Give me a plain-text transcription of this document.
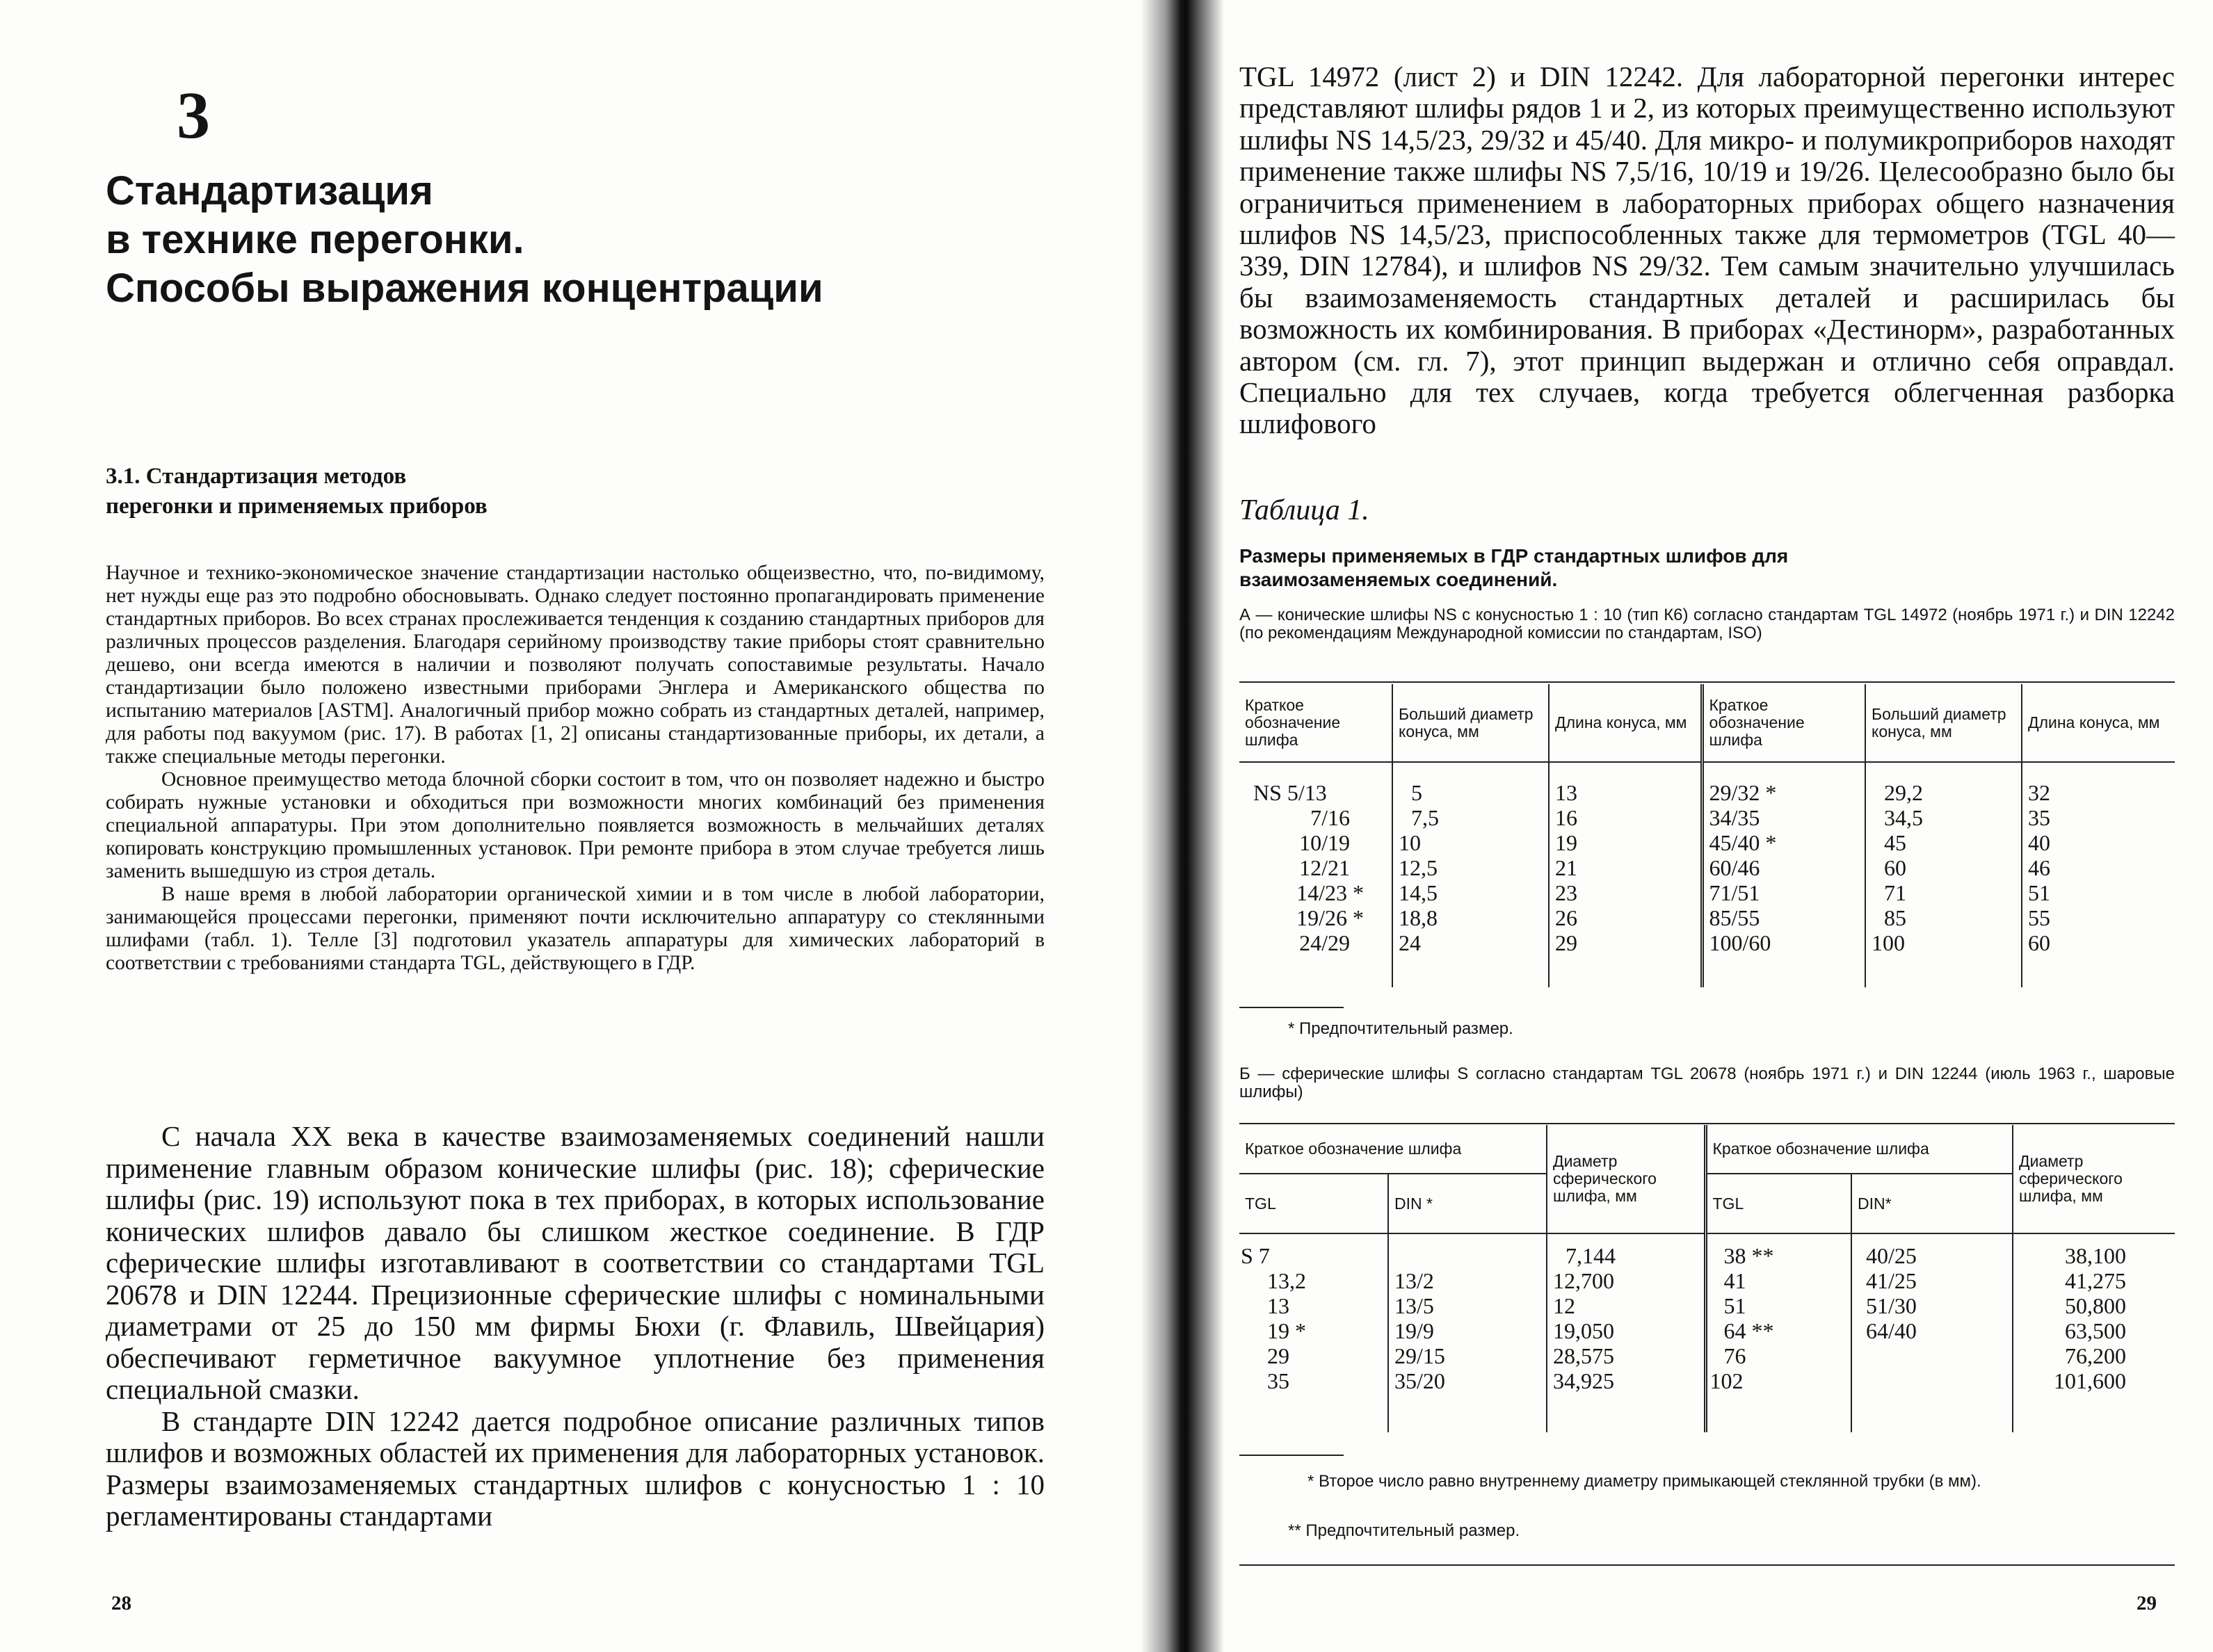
3
Стандартизация
в технике перегонки.
Способы выражения концентрации
3.1. Стандартизация методов
перегонки и применяемых приборов

Научное и технико-экономическое значение стандартизации настолько общеизвестно, что, по-видимому, нет нужды еще раз это подробно обосновывать. Однако следует постоянно пропагандировать применение стандартных приборов. Во всех странах прослеживается тенденция к созданию стандартных приборов для различных процессов разделения. Благодаря серийному производству такие приборы стоят сравнительно дешево, они всегда имеются в наличии и позволяют получать сопоставимые результаты. Начало стандартизации было положено известными приборами Энглера и Американского общества по испытанию материалов [ASTM]. Аналогичный прибор можно собрать из стандартных деталей, например, для работы под вакуумом (рис. 17). В работах [1, 2] описаны стандартизованные приборы, их детали, а также специальные методы перегонки.

Основное преимущество метода блочной сборки состоит в том, что он позволяет надежно и быстро собирать нужные установки и обходиться при возможности многих комбинаций без применения специальной аппаратуры. При этом дополнительно появляется возможность в мельчайших деталях копировать конструкцию промышленных установок. При ремонте прибора в этом случае требуется лишь заменить вышедшую из строя деталь.

В наше время в любой лаборатории органической химии и в том числе в любой лаборатории, занимающейся процессами перегонки, применяют почти исключительно аппаратуру со стеклянными шлифами (табл. 1). Телле [3] подготовил указатель аппаратуры для химических лабораторий в соответствии с требованиями стандарта TGL, действующего в ГДР.

С начала XX века в качестве взаимозаменяемых соединений нашли применение главным образом конические шлифы (рис. 18); сферические шлифы (рис. 19) используют пока в тех приборах, в которых использование конических шлифов давало бы слишком жесткое соединение. В ГДР сферические шлифы изготавливают в соответствии со стандартами TGL 20678 и DIN 12244. Прецизионные сферические шлифы с номинальными диаметрами от 25 до 150 мм фирмы Бюхи (г. Флавиль, Швейцария) обеспечивают герметичное вакуумное уплотнение без применения специальной смазки.

В стандарте DIN 12242 дается подробное описание различных типов шлифов и возможных областей их применения для лабораторных установок. Размеры взаимозаменяемых стандартных шлифов с конусностью 1 : 10 регламентированы стандартами

28

TGL 14972 (лист 2) и DIN 12242. Для лабораторной перегонки интерес представляют шлифы рядов 1 и 2, из которых преимущественно используют шлифы NS 14,5/23, 29/32 и 45/40. Для микро- и полумикроприборов находят применение также шлифы NS 7,5/16, 10/19 и 19/26. Целесообразно было бы ограничиться применением в лабораторных приборах общего назначения шлифов NS 14,5/23, приспособленных также для термометров (TGL 40—339, DIN 12784), и шлифов NS 29/32. Тем самым значительно улучшилась бы взаимозаменяемость стандартных деталей и расширилась бы возможность их комбинирования. В приборах «Дестинорм», разработанных автором (см. гл. 7), этот принцип выдержан и отлично себя оправдал. Специально для тех случаев, когда требуется облегченная разборка шлифового

Таблица 1.
Размеры применяемых в ГДР стандартных шлифов для
взаимозаменяемых соединений.
А — конические шлифы NS с конусностью 1 : 10 (тип К6) согласно стандартам TGL 14972 (ноябрь 1971 г.) и DIN 12242 (по рекомендациям Международной комиссии по стандартам, ISO)
Краткое обозначение шлифа	Больший диаметр конуса, мм	Длина конуса, мм	Краткое обозначение шлифа	Больший диаметр конуса, мм	Длина конуса, мм

NS 5/13	5	13	29/32 *	29,2	32
7/16	7,5	16	34/35	34,5	35
10/19	10	19	45/40 *	45	40
12/21	12,5	21	60/46	60	46
14/23 *	14,5	23	71/51	71	51
19/26 *	18,8	26	85/55	85	55
24/29	24	29	100/60	100	60

* Предпочтительный размер.
Б — сферические шлифы S согласно стандартам TGL 20678 (ноябрь 1971 г.) и DIN 12244 (июль 1963 г., шаровые шлифы)
Краткое обозначение шлифа		Диаметр сферического шлифа, мм	Краткое обозначение шлифа		Диаметр сферического шлифа, мм
TGL	DIN *		TGL	DIN*	

S 7		7,144	38 **	40/25	38,100
13,2	13/2	12,700	41	41/25	41,275
13	13/5	12	51	51/30	50,800
19 *	19/9	19,050	64 **	64/40	63,500
29	29/15	28,575	76		76,200
35	35/20	34,925	102		101,600

* Второе число равно внутреннему диаметру примыкающей стеклянной трубки (в мм).
** Предпочтительный размер.
29
